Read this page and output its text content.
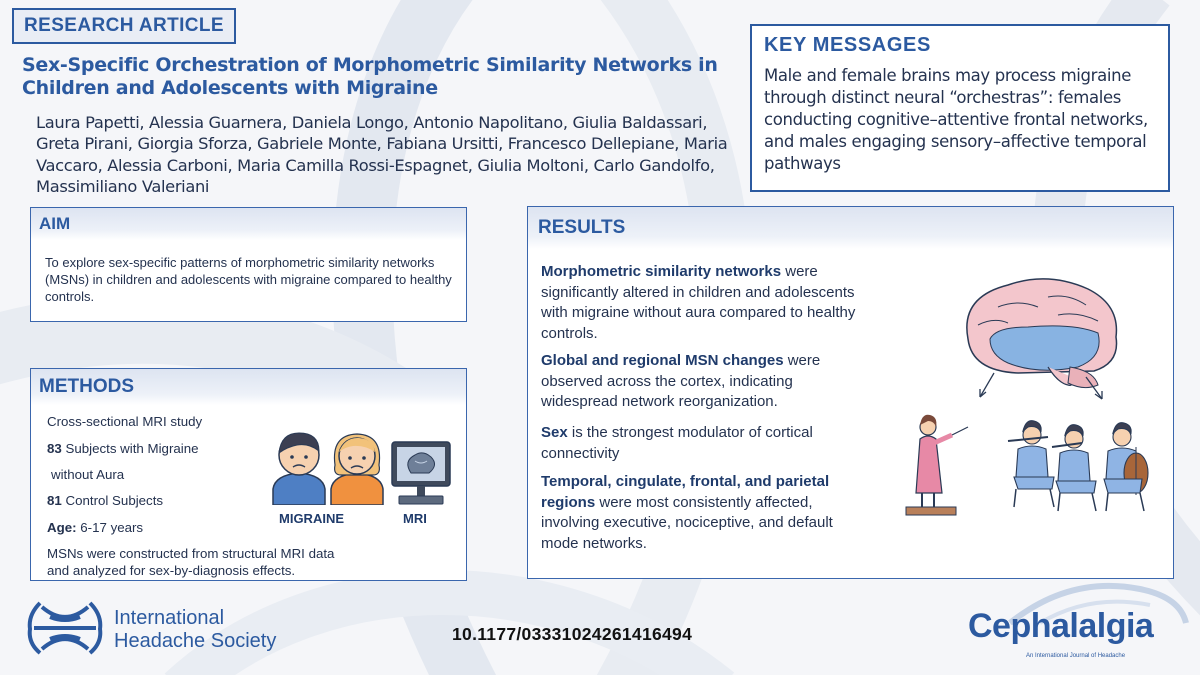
RESEARCH ARTICLE
Sex-Specific Orchestration of Morphometric Similarity Networks in Children and Adolescents with Migraine
Laura Papetti, Alessia Guarnera, Daniela Longo, Antonio Napolitano, Giulia Baldassari, Greta Pirani, Giorgia Sforza, Gabriele Monte, Fabiana Ursitti, Francesco Dellepiane, Maria Vaccaro, Alessia Carboni, Maria Camilla Rossi-Espagnet, Giulia Moltoni, Carlo Gandolfo, Massimiliano Valeriani
KEY MESSAGES
Male and female brains may process migraine through distinct neural “orchestras”: females conducting cognitive–attentive frontal networks, and males engaging sensory–affective temporal pathways
AIM
To explore sex-specific patterns of morphometric similarity networks (MSNs) in children and adolescents with migraine compared to healthy controls.
METHODS
Cross-sectional MRI study
83 Subjects with Migraine
without Aura
81 Control Subjects
Age: 6-17 years
MSNs were constructed from structural MRI data
and analyzed for sex-by-diagnosis effects.
MIGRAINE	MRI
RESULTS
Morphometric similarity networks were significantly altered in children and adolescents with migraine without aura compared to healthy controls.
Global and regional MSN changes were observed across the cortex, indicating widespread network reorganization.
Sex is the strongest modulator of cortical connectivity
Temporal, cingulate, frontal, and parietal regions were most consistently affected, involving executive, nociceptive, and default mode networks.
International
Headache Society	10.1177/03331024261416494	Cephalalgia
An International Journal of Headache
